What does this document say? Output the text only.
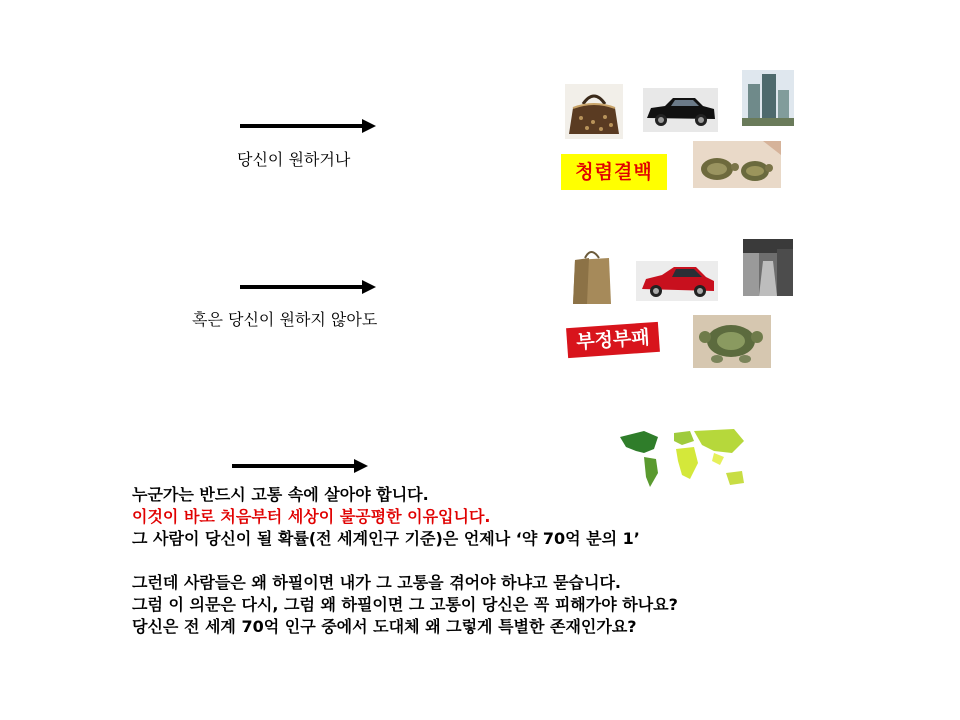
당신이 원하거나
청렴결백
혹은 당신이 원하지 않아도
부정부패
누군가는 반드시 고통 속에 살아야 합니다.
이것이 바로 처음부터 세상이 불공평한 이유입니다.
그 사람이 당신이 될 확률(전 세계인구 기준)은 언제나 ‘약 70억 분의 1’
그런데 사람들은 왜 하필이면 내가 그 고통을 겪어야 하냐고 묻습니다.
그럼 이 의문은 다시, 그럼 왜 하필이면 그 고통이 당신은 꼭 피해가야 하나요?
당신은 전 세계 70억 인구 중에서 도대체 왜 그렇게 특별한 존재인가요?
